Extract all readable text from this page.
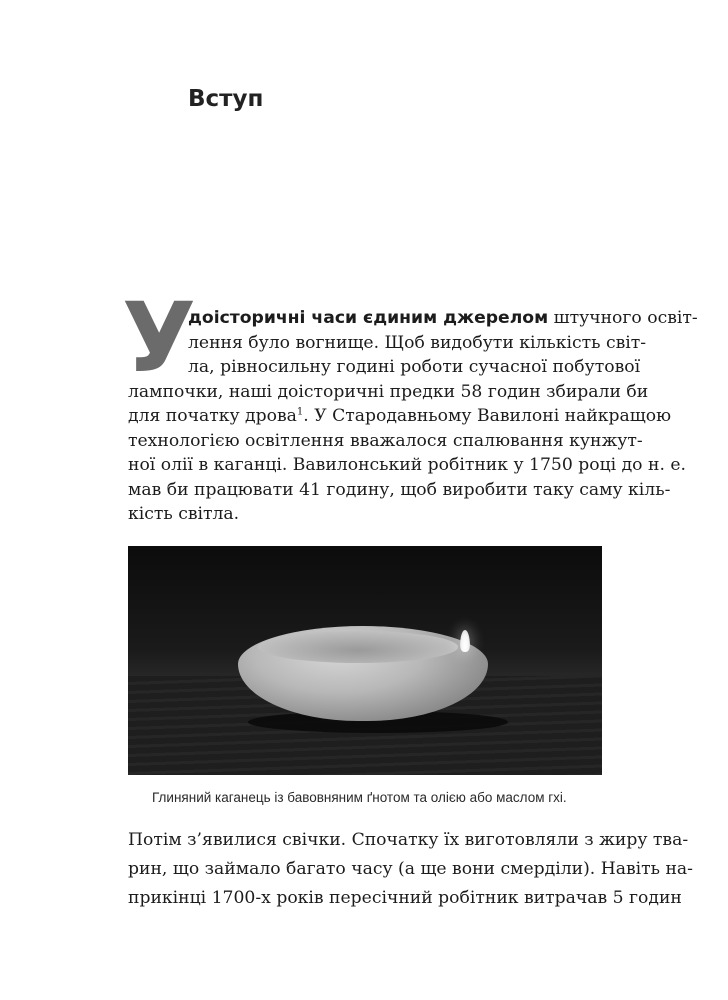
Вступ
У
доісторичні часи єдиним джерелом штучного освіт-
лення було вогнище. Щоб видобути кількість світ-
ла, рівносильну годині роботи сучасної побутової
лампочки, наші доісторичні предки 58 годин збирали би
для початку дрова$^1$. У Стародавньому Вавилоні найкращою
технологією освітлення вважалося спалювання кунжут-
ної олії в каганці. Вавилонський робітник у 1750 році до н. е.
мав би працювати 41 годину, щоб виробити таку саму кіль-
кість світла.
Глиняний каганець із бавовняним ґнотом та олією або маслом гхі.
Потім з’явилися свічки. Спочатку їх виготовляли з жиру тва-
рин, що займало багато часу (а ще вони смерділи). Навіть на-
прикінці 1700-х років пересічний робітник витрачав 5 годин
